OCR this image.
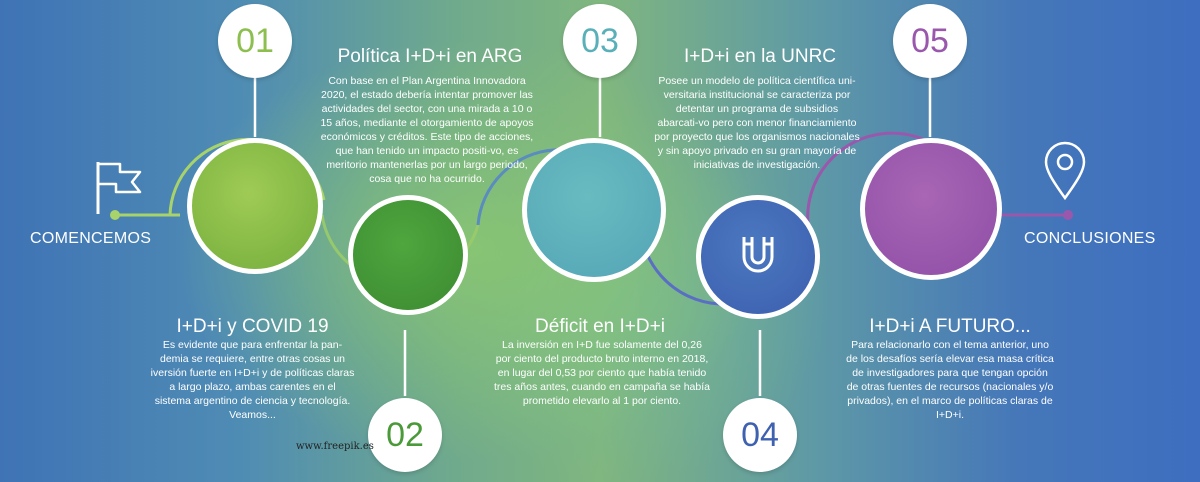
01
02
03
04
05
COMENCEMOS	CONCLUSIONES
I+D+i y COVID 19
Política I+D+i en ARG
Déficit en I+D+i
I+D+i en la UNRC
I+D+i A FUTURO...
Es evidente que para enfrentar la pan-demia se requiere, entre otras cosas un iversión fuerte en I+D+i y de políticas claras a largo plazo, ambas carentes en el sistema argentino de ciencia y tecnología. Veamos...
Con base en el Plan Argentina Innovadora 2020, el estado debería intentar promover las actividades del sector, con una mirada a 10 o 15 años, mediante el otorgamiento de apoyos económicos y créditos. Este tipo de acciones, que han tenido un impacto positi-vo, es meritorio mantenerlas por un largo periodo, cosa que no ha ocurrido.
La inversión en I+D fue solamente del 0,26 por ciento del producto bruto interno en 2018, en lugar del 0,53 por ciento que había tenido tres años antes, cuando en campaña se había prometido elevarlo al 1 por ciento.
Posee un modelo de política científica uni-versitaria institucional se caracteriza por detentar un programa de subsidios abarcati-vo pero con menor financiamiento por proyecto que los organismos nacionales y sin apoyo privado en su gran mayoría de iniciativas de investigación.
Para relacionarlo con el tema anterior, uno de los desafíos sería elevar esa masa crítica de investigadores para que tengan opción de otras fuentes de recursos (nacionales y/o privados), en el marco de políticas claras de I+D+i.
www.freepik.es
